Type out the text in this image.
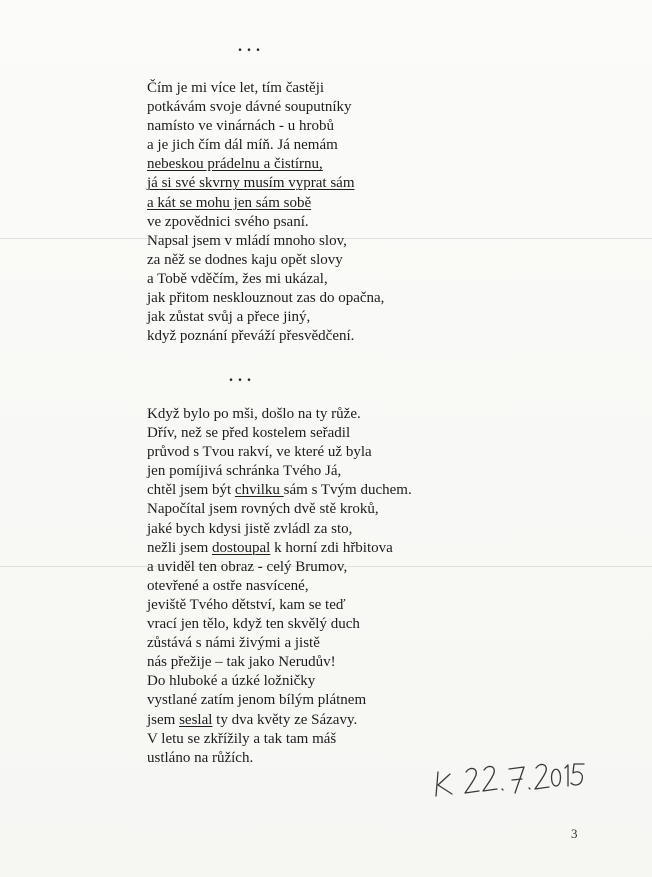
...
Čím je mi více let, tím častěji
potkávám svoje dávné souputníky
namísto ve vinárnách - u hrobů
a je jich čím dál míň. Já nemám
nebeskou prádelnu a čistírnu,
já si své skvrny musím vyprat sám
a kát se mohu jen sám sobě
ve zpovědnici svého psaní.
Napsal jsem v mládí mnoho slov,
za něž se dodnes kaju opět slovy
a Tobě vděčím, žes mi ukázal,
jak přitom nesklouznout zas do opačna,
jak zůstat svůj a přece jiný,
když poznání převáží přesvědčení.
...
Když bylo po mši, došlo na ty růže.
Dřív, než se před kostelem seřadil
průvod s Tvou rakví, ve které už byla
jen pomíjivá schránka Tvého Já,
chtěl jsem být chvilku sám s Tvým duchem.
Napočítal jsem rovných dvě stě kroků,
jaké bych kdysi jistě zvládl za sto,
nežli jsem dostoupal k horní zdi hřbitova
a uviděl ten obraz - celý Brumov,
otevřené a ostře nasvícené,
jeviště Tvého dětství, kam se teď
vrací jen tělo, když ten skvělý duch
zůstává s námi živými a jistě
nás přežije – tak jako Nerudův!
Do hluboké a úzké ložničky
vystlané zatím jenom bílým plátnem
jsem seslal ty dva květy ze Sázavy.
V letu se zkřížily a tak tam máš
ustláno na růžích.
3
